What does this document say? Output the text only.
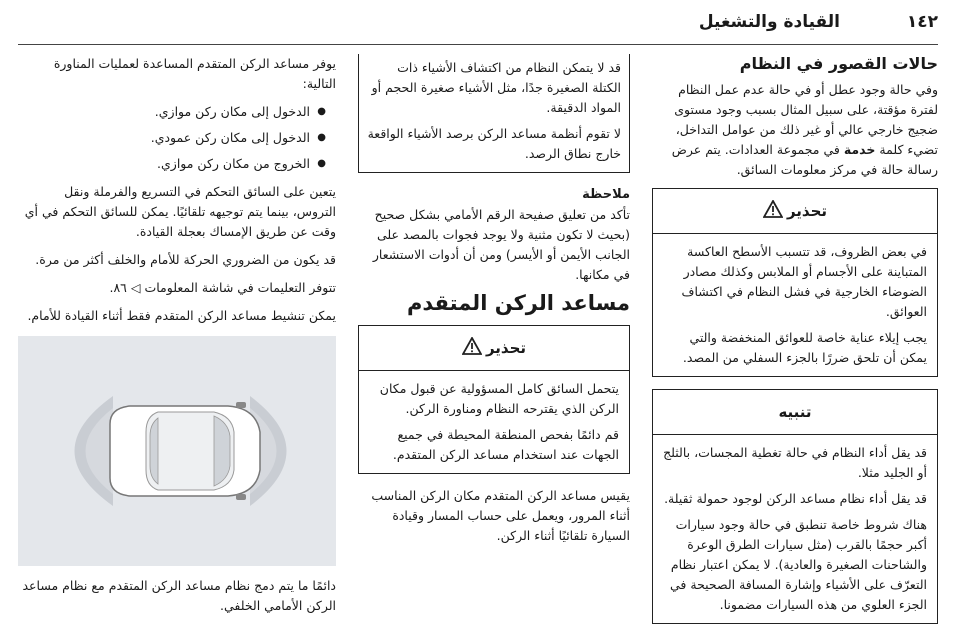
١٤٢
القيادة والتشغيل
حالات القصور في النظام

وفي حالة وجود عطل أو في حالة عدم عمل النظام لفترة مؤقتة، على سبيل المثال بسبب وجود مستوى ضجيج خارجي عالي أو غير ذلك من عوامل التداخل، تضيء كلمة خدمة في مجموعة العدادات. يتم عرض رسالة حالة في مركز معلومات السائق.

تحذير

في بعض الظروف، قد تتسبب الأسطح العاكسة المتباينة على الأجسام أو الملابس وكذلك مصادر الضوضاء الخارجية في فشل النظام في اكتشاف العوائق.

يجب إيلاء عناية خاصة للعوائق المنخفضة والتي يمكن أن تلحق ضررًا بالجزء السفلي من المصد.

تنبيه

قد يقل أداء النظام في حالة تغطية المجسات، بالثلج أو الجليد مثلا.

قد يقل أداء نظام مساعد الركن لوجود حمولة ثقيلة.

هناك شروط خاصة تنطبق في حالة وجود سيارات أكبر حجمًا بالقرب (مثل سيارات الطرق الوعرة والشاحنات الصغيرة والعادية). لا يمكن اعتبار نظام التعرّف على الأشياء وإشارة المسافة الصحيحة في الجزء العلوي من هذه السيارات مضمونا.

قد لا يتمكن النظام من اكتشاف الأشياء ذات الكتلة الصغيرة جدًا، مثل الأشياء صغيرة الحجم أو المواد الدقيقة.

لا تقوم أنظمة مساعد الركن برصد الأشياء الواقعة خارج نطاق الرصد.

ملاحظة

تأكد من تعليق صفيحة الرقم الأمامي بشكل صحيح (بحيث لا تكون مثنية ولا يوجد فجوات بالمصد على الجانب الأيمن أو الأيسر) ومن أن أدوات الاستشعار في مكانها.

مساعد الركن المتقدم
تحذير

يتحمل السائق كامل المسؤولية عن قبول مكان الركن الذي يقترحه النظام ومناورة الركن.

قم دائمًا بفحص المنطقة المحيطة في جميع الجهات عند استخدام مساعد الركن المتقدم.

يقيس مساعد الركن المتقدم مكان الركن المناسب أثناء المرور، ويعمل على حساب المسار وقيادة السيارة تلقائيًا أثناء الركن.

يوفر مساعد الركن المتقدم المساعدة لعمليات المناورة التالية:

● الدخول إلى مكان ركن موازي.
● الدخول إلى مكان ركن عمودي.
● الخروج من مكان ركن موازي.

يتعين على السائق التحكم في التسريع والفرملة ونقل التروس، بينما يتم توجيهه تلقائيًا. يمكن للسائق التحكم في أي وقت عن طريق الإمساك بعجلة القيادة.

قد يكون من الضروري الحركة للأمام والخلف أكثر من مرة.

تتوفر التعليمات في شاشة المعلومات ◁ ٨٦.

يمكن تنشيط مساعد الركن المتقدم فقط أثناء القيادة للأمام.

دائمًا ما يتم دمج نظام مساعد الركن المتقدم مع نظام مساعد الركن الأمامي الخلفي.
